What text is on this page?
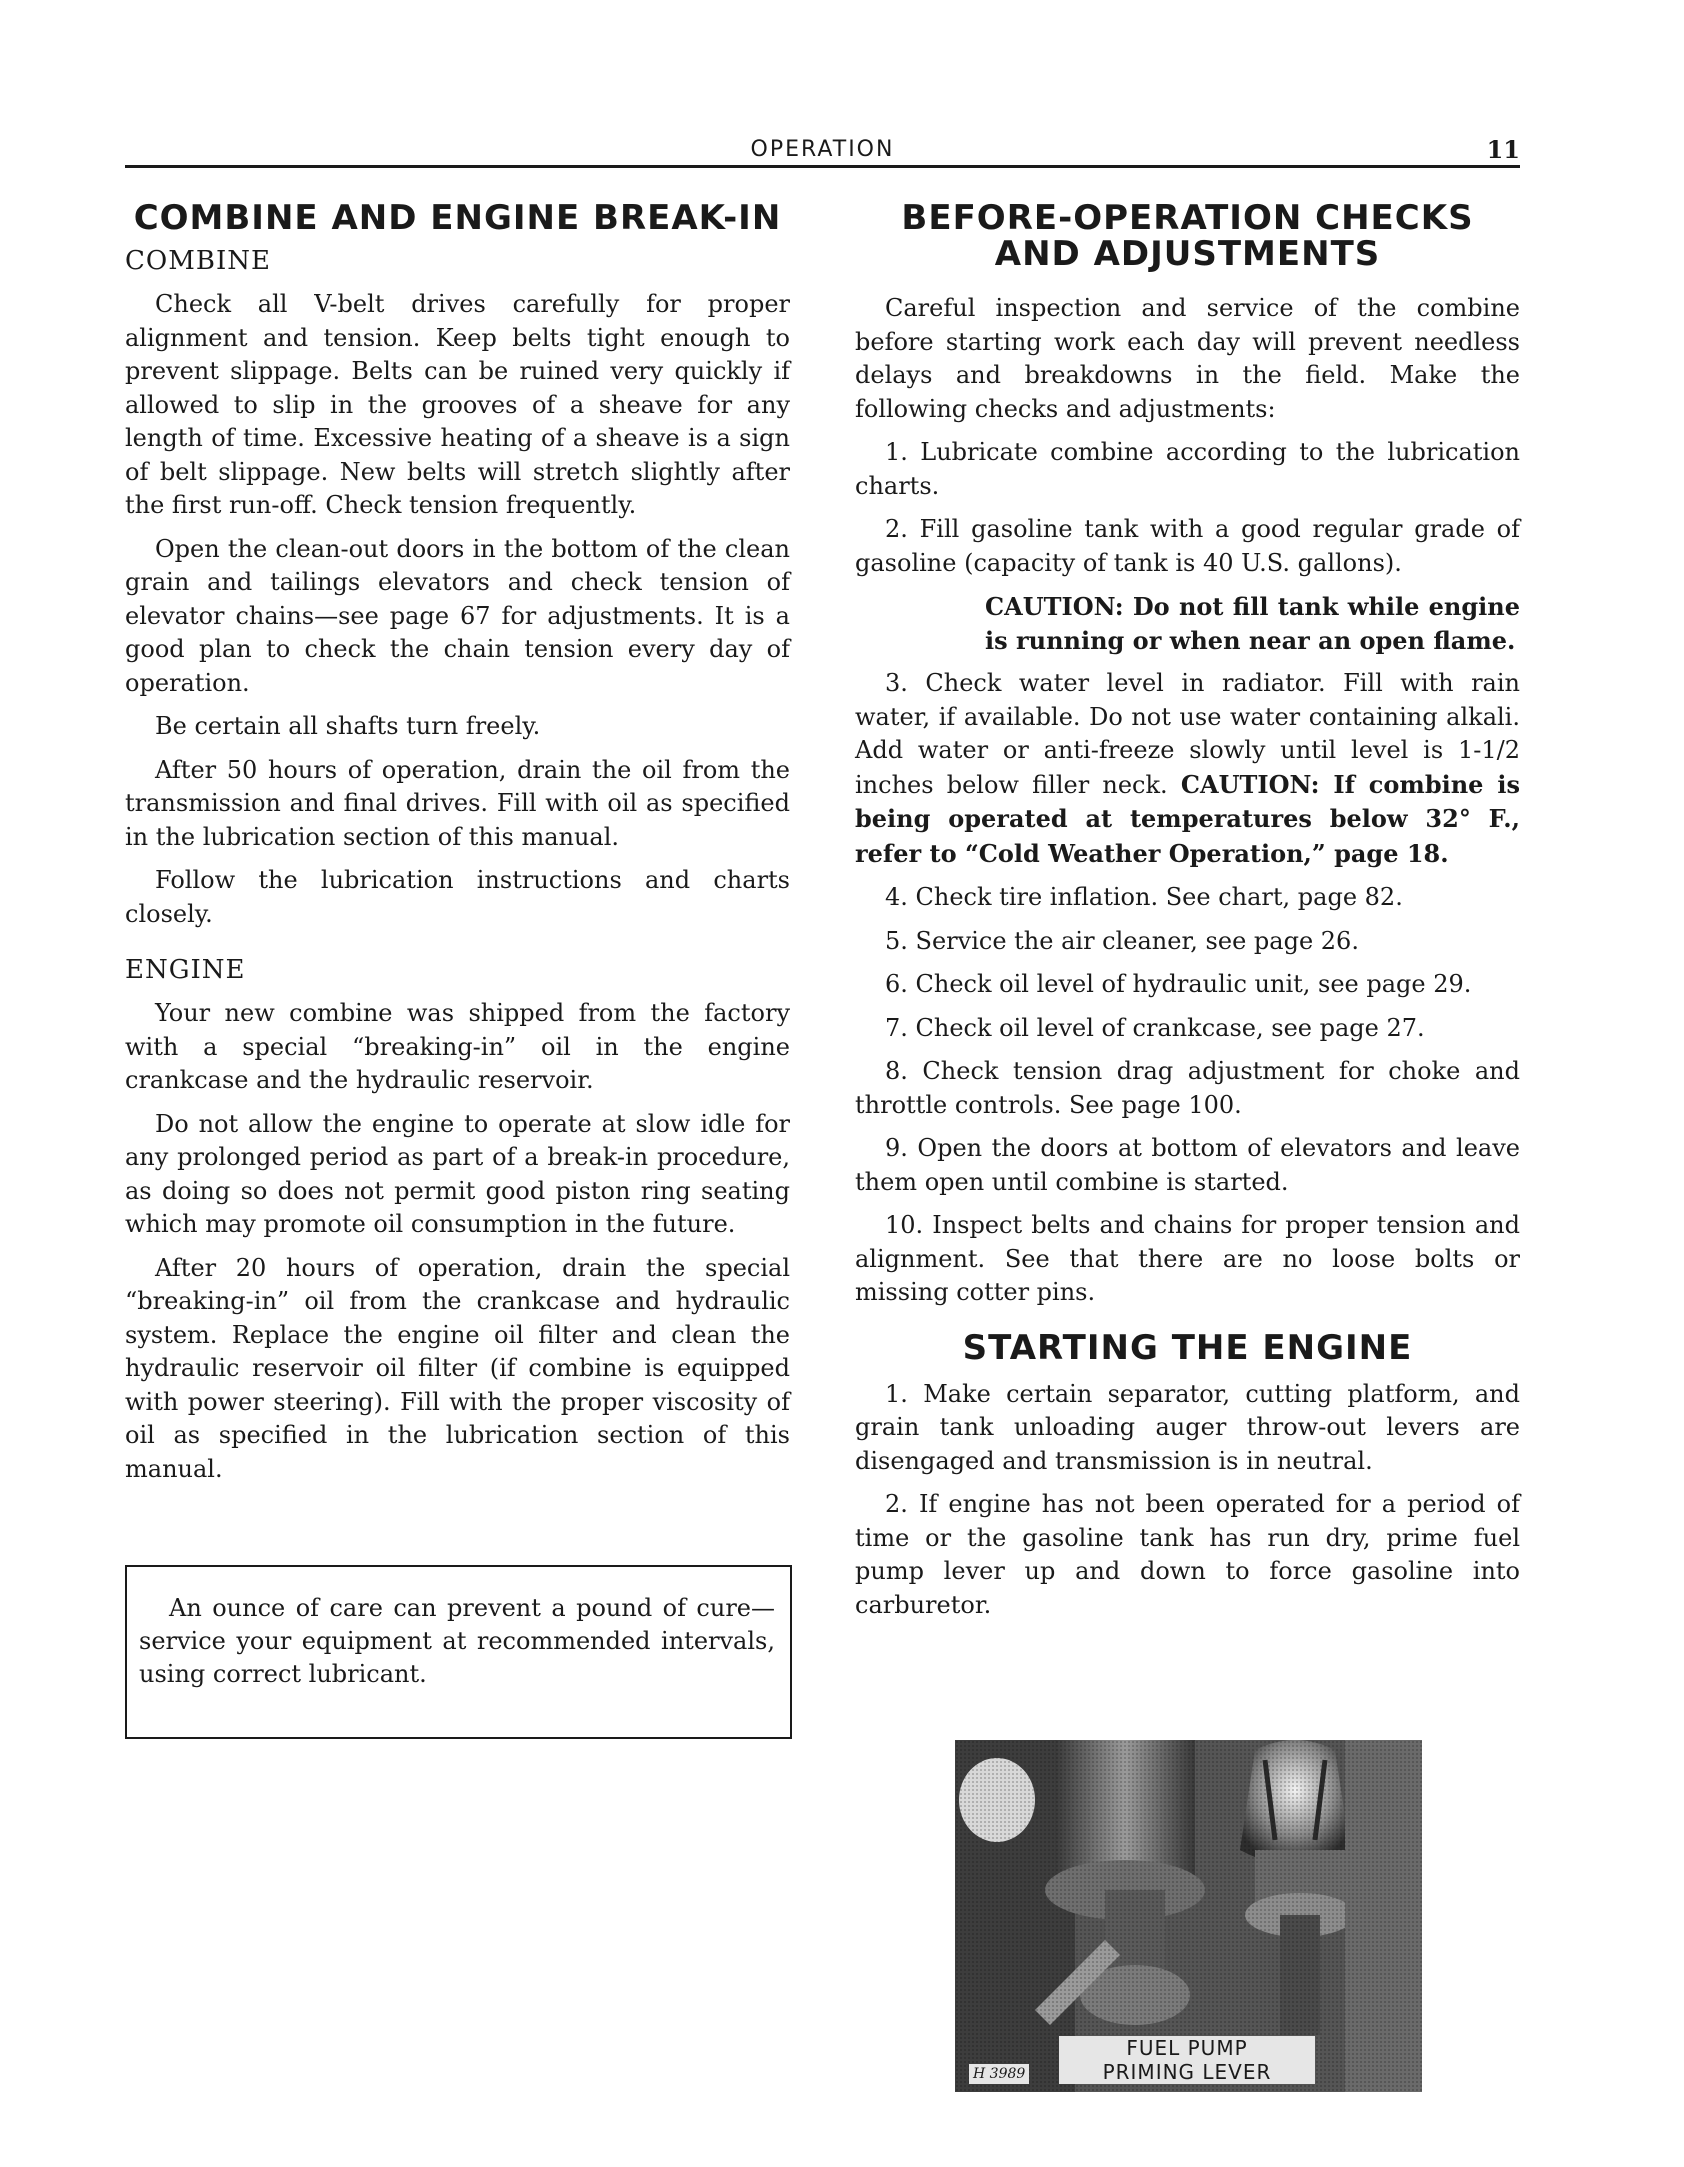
OPERATION	11
COMBINE AND ENGINE BREAK-IN
COMBINE

Check all V-belt drives carefully for proper alignment and tension. Keep belts tight enough to prevent slippage. Belts can be ruined very quickly if allowed to slip in the grooves of a sheave for any length of time. Excessive heating of a sheave is a sign of belt slippage. New belts will stretch slightly after the first run-off. Check tension frequently.

Open the clean-out doors in the bottom of the clean grain and tailings elevators and check tension of elevator chains—see page 67 for adjustments. It is a good plan to check the chain tension every day of operation.

Be certain all shafts turn freely.

After 50 hours of operation, drain the oil from the transmission and final drives. Fill with oil as specified in the lubrication section of this manual.

Follow the lubrication instructions and charts closely.

ENGINE

Your new combine was shipped from the factory with a special “breaking-in” oil in the engine crankcase and the hydraulic reservoir.

Do not allow the engine to operate at slow idle for any prolonged period as part of a break-in procedure, as doing so does not permit good piston ring seating which may promote oil consumption in the future.

After 20 hours of operation, drain the special “breaking-in” oil from the crankcase and hydraulic system. Replace the engine oil filter and clean the hydraulic reservoir oil filter (if combine is equipped with power steering). Fill with the proper viscosity of oil as specified in the lubrication section of this manual.

An ounce of care can prevent a pound of cure—service your equipment at recommended intervals, using correct lubricant.

BEFORE-OPERATION CHECKS AND ADJUSTMENTS

Careful inspection and service of the combine before starting work each day will prevent needless delays and breakdowns in the field. Make the following checks and adjustments:

1. Lubricate combine according to the lubrication charts.

2. Fill gasoline tank with a good regular grade of gasoline (capacity of tank is 40 U.S. gallons).

CAUTION: Do not fill tank while engine is running or when near an open flame.

3. Check water level in radiator. Fill with rain water, if available. Do not use water containing alkali. Add water or anti-freeze slowly until level is 1-1/2 inches below filler neck. CAUTION: If combine is being operated at temperatures below 32° F., refer to “Cold Weather Operation,” page 18.

4. Check tire inflation. See chart, page 82.

5. Service the air cleaner, see page 26.

6. Check oil level of hydraulic unit, see page 29.

7. Check oil level of crankcase, see page 27.

8. Check tension drag adjustment for choke and throttle controls. See page 100.

9. Open the doors at bottom of elevators and leave them open until combine is started.

10. Inspect belts and chains for proper tension and alignment. See that there are no loose bolts or missing cotter pins.

STARTING THE ENGINE

1. Make certain separator, cutting platform, and grain tank unloading auger throw-out levers are disengaged and transmission is in neutral.

2. If engine has not been operated for a period of time or the gasoline tank has run dry, prime fuel pump lever up and down to force gasoline into carburetor.

H 3989
FUEL PUMP
PRIMING LEVER
